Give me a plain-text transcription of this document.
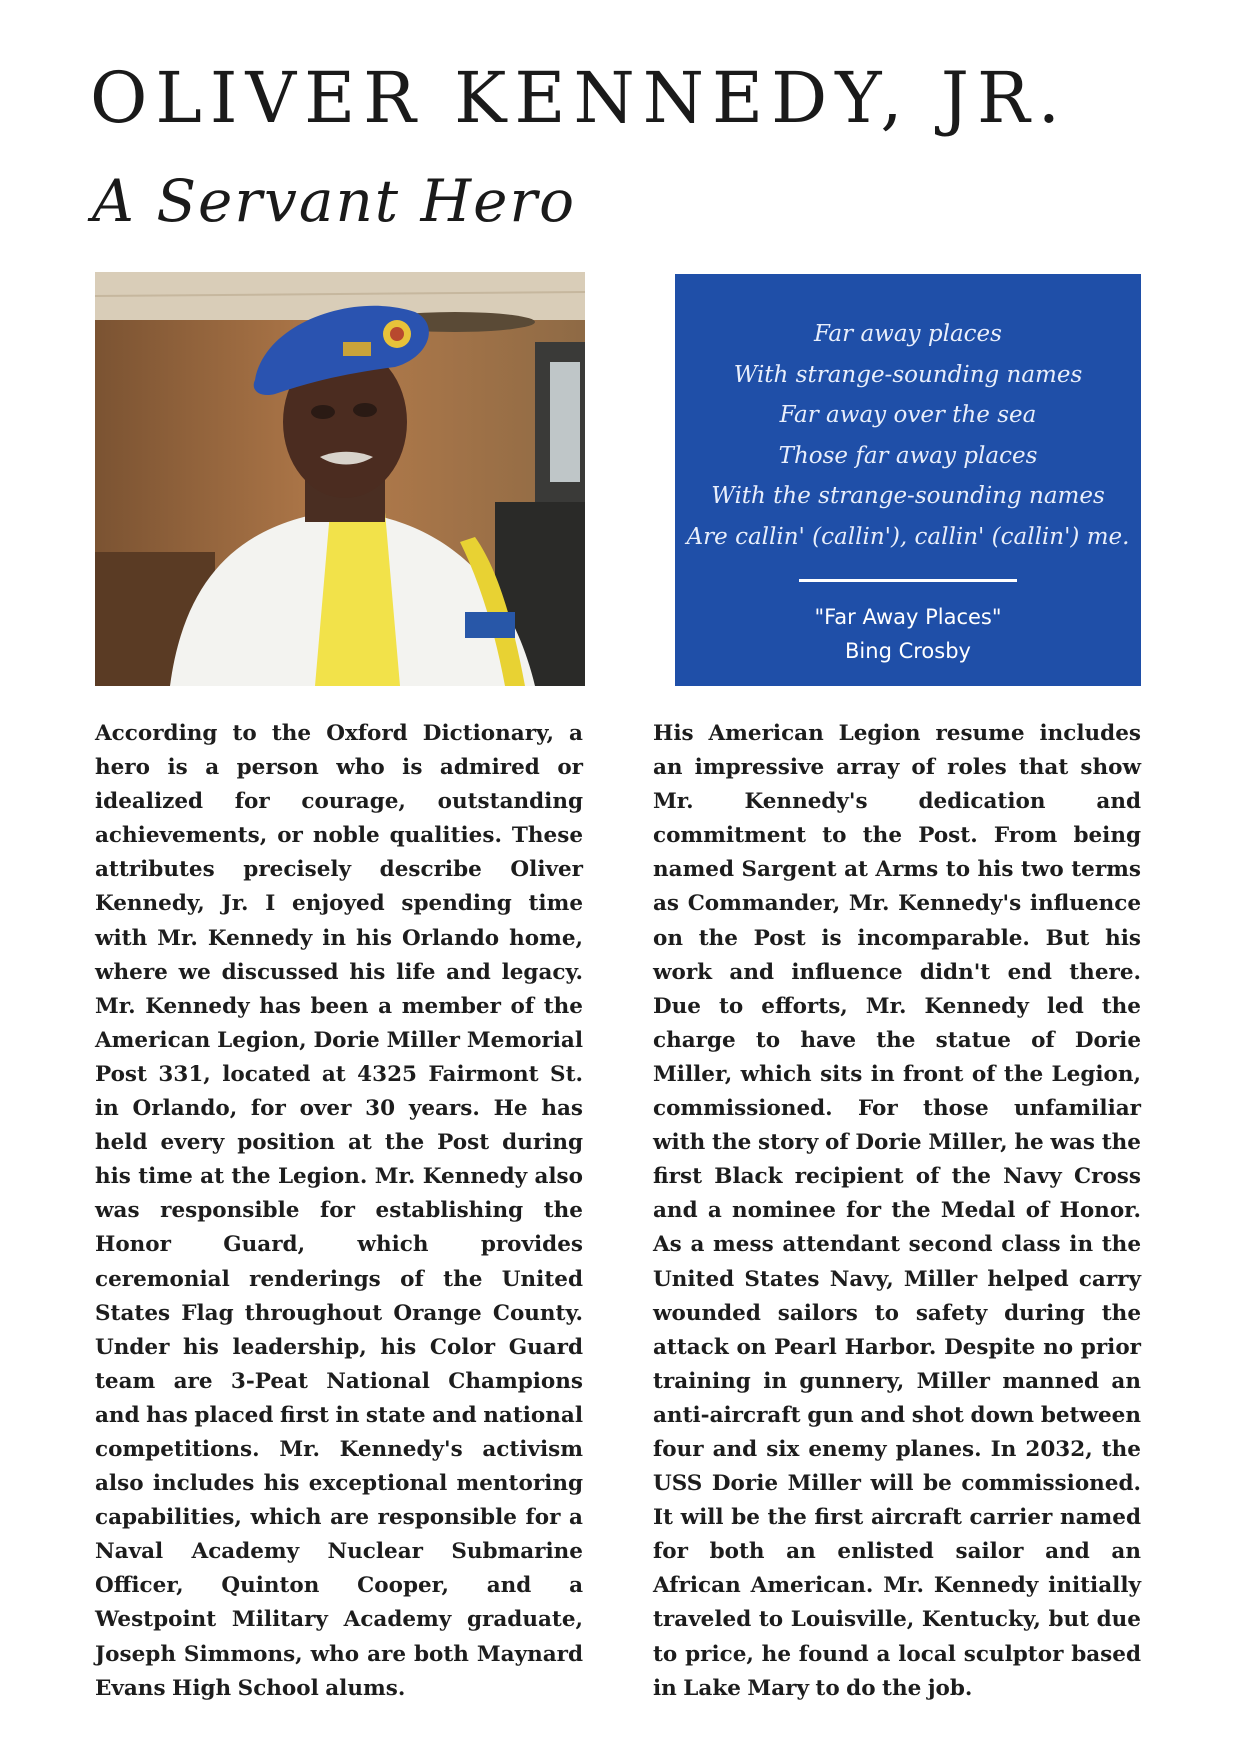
OLIVER KENNEDY, JR.
A Servant Hero
Far away places
With strange-sounding names
Far away over the sea
Those far away places
With the strange-sounding names
Are callin' (callin'), callin' (callin') me.
"Far Away Places"
Bing Crosby

According to the Oxford Dictionary, a hero is a person who is admired or idealized for courage, outstanding achievements, or noble qualities. These attributes precisely describe Oliver Kennedy, Jr. I enjoyed spending time with Mr. Kennedy in his Orlando home, where we discussed his life and legacy. Mr. Kennedy has been a member of the American Legion, Dorie Miller Memorial Post 331, located at 4325 Fairmont St. in Orlando, for over 30 years. He has held every position at the Post during his time at the Legion. Mr. Kennedy also was responsible for establishing the Honor Guard, which provides ceremonial renderings of the United States Flag throughout Orange County. Under his leadership, his Color Guard team are 3-Peat National Champions and has placed first in state and national competitions. Mr. Kennedy's activism also includes his exceptional mentoring capabilities, which are responsible for a Naval Academy Nuclear Submarine Officer, Quinton Cooper, and a Westpoint Military Academy graduate, Joseph Simmons, who are both Maynard Evans High School alums.

His American Legion resume includes an impressive array of roles that show Mr. Kennedy's dedication and commitment to the Post. From being named Sargent at Arms to his two terms as Commander, Mr. Kennedy's influence on the Post is incomparable. But his work and influence didn't end there. Due to efforts, Mr. Kennedy led the charge to have the statue of Dorie Miller, which sits in front of the Legion, commissioned. For those unfamiliar with the story of Dorie Miller, he was the first Black recipient of the Navy Cross and a nominee for the Medal of Honor. As a mess attendant second class in the United States Navy, Miller helped carry wounded sailors to safety during the attack on Pearl Harbor. Despite no prior training in gunnery, Miller manned an anti-aircraft gun and shot down between four and six enemy planes. In 2032, the USS Dorie Miller will be commissioned. It will be the first aircraft carrier named for both an enlisted sailor and an African American. Mr. Kennedy initially traveled to Louisville, Kentucky, but due to price, he found a local sculptor based in Lake Mary to do the job.
